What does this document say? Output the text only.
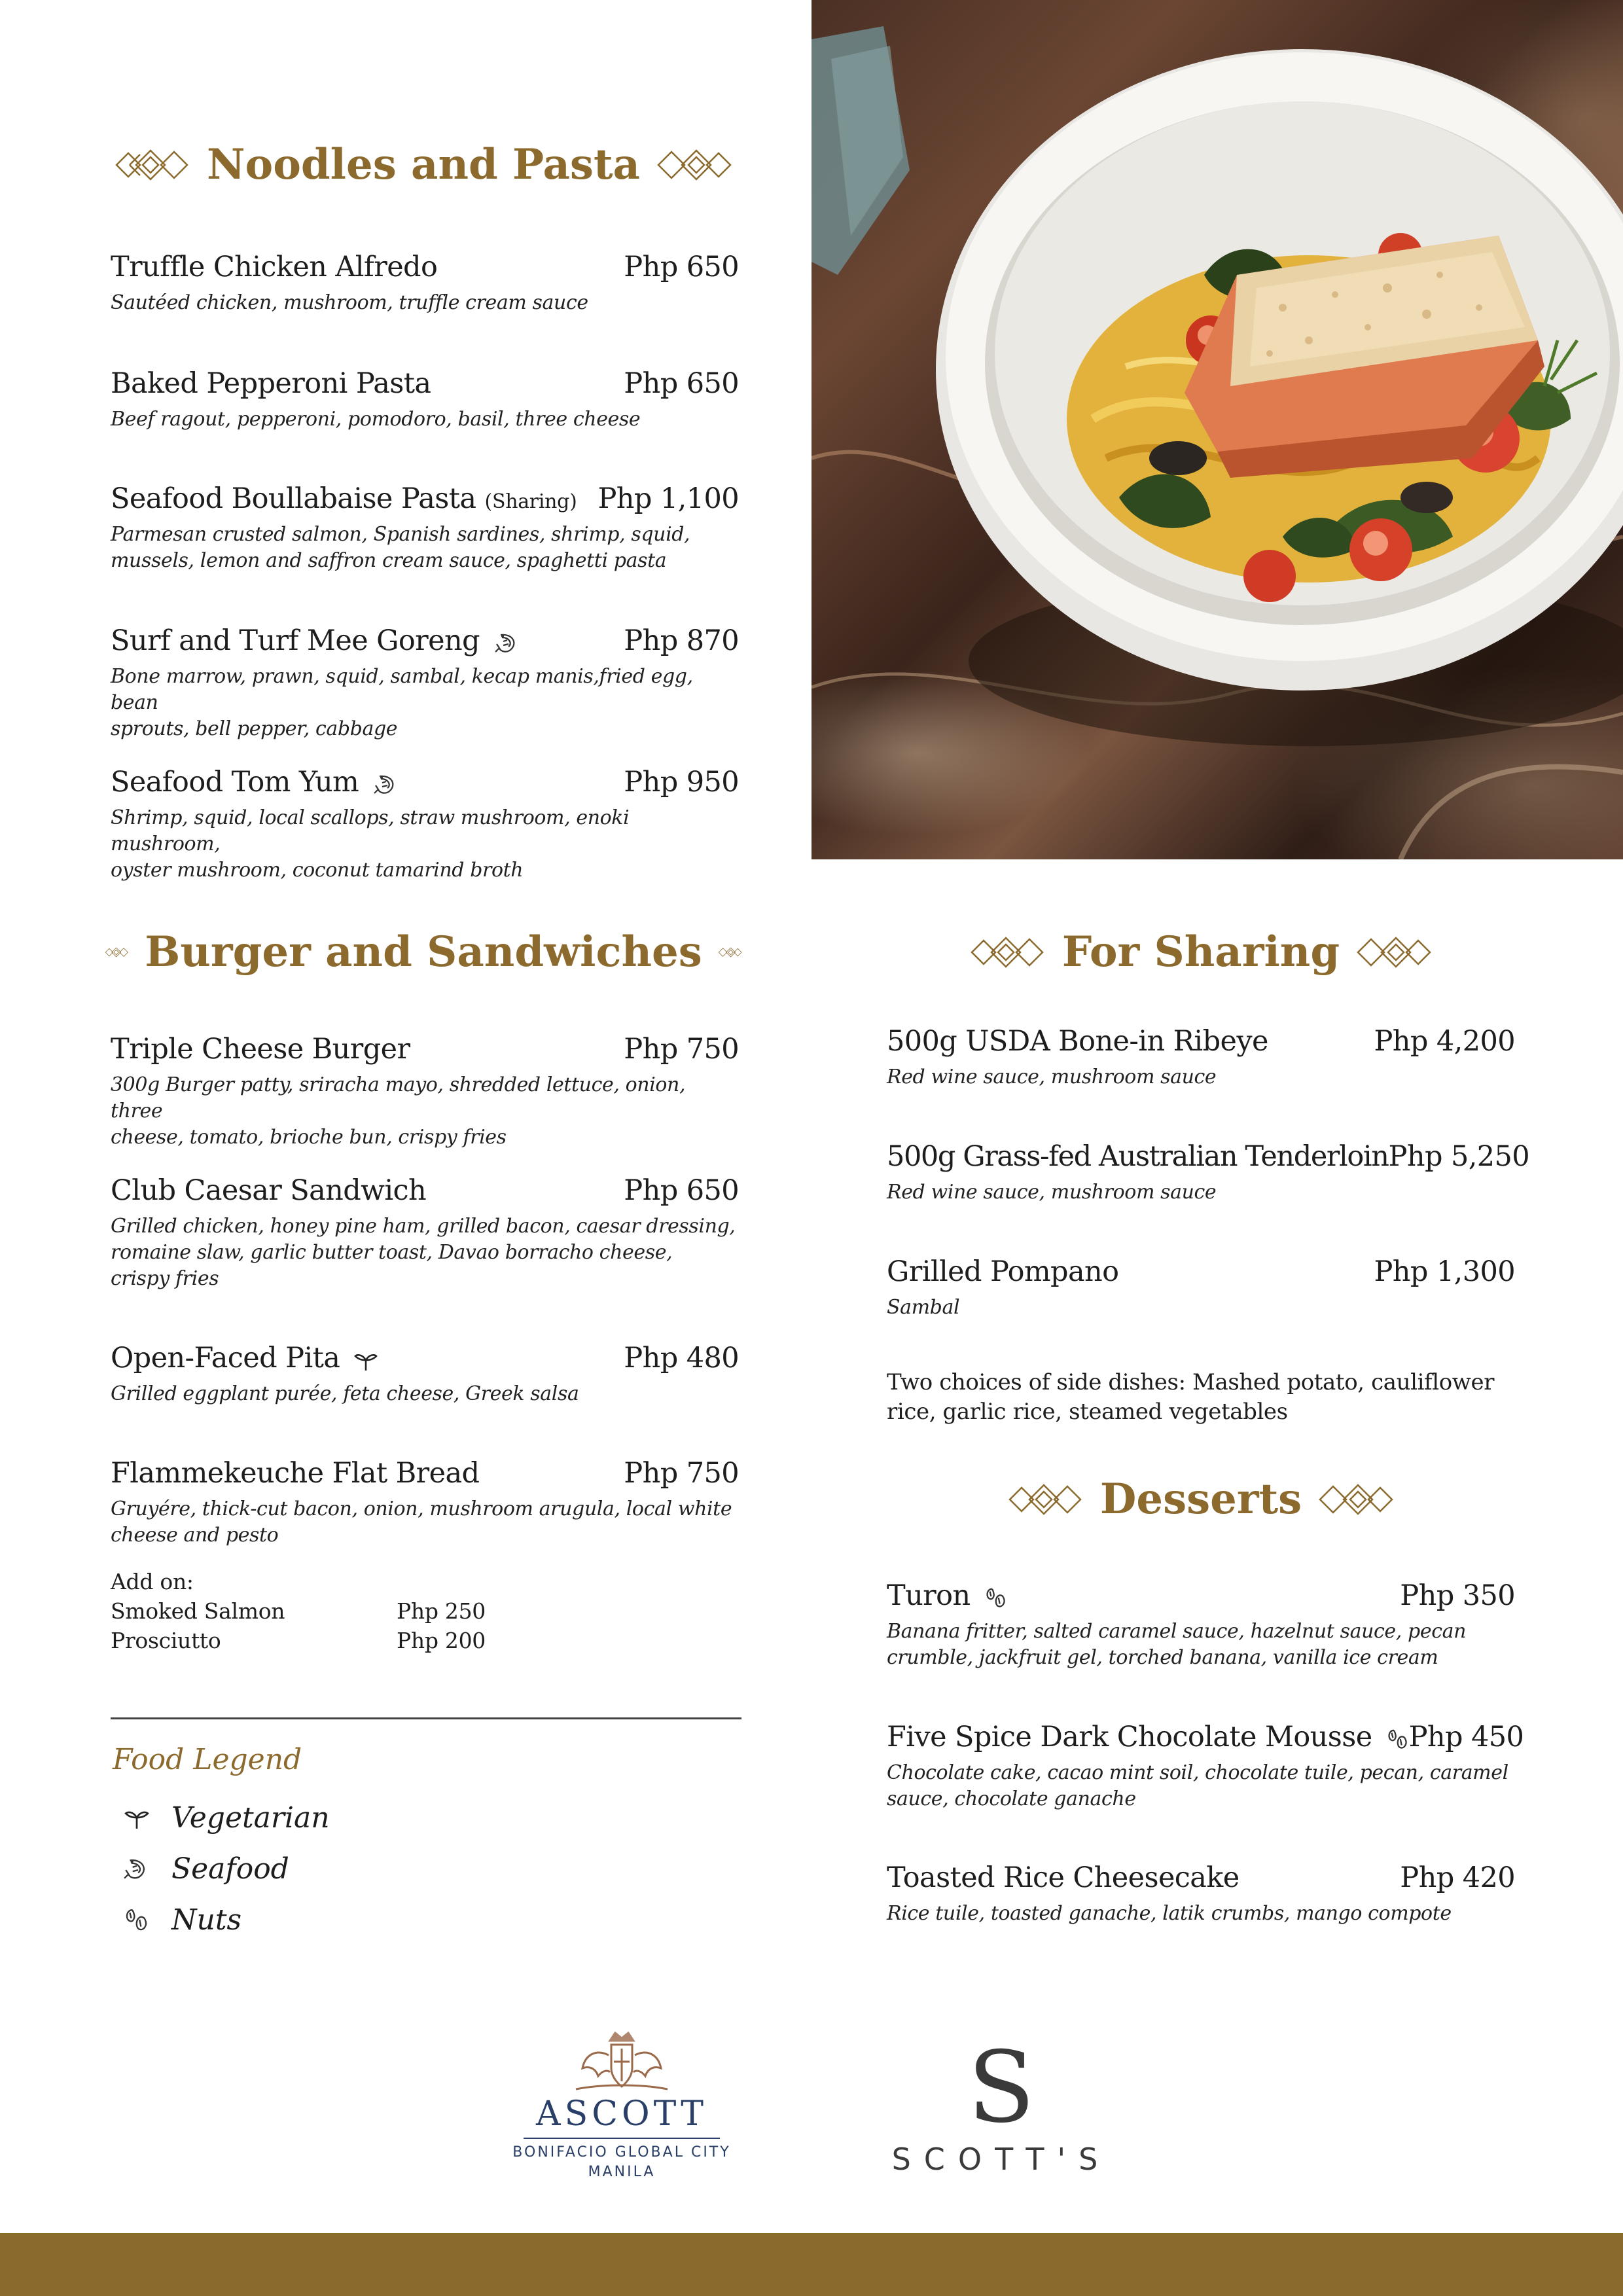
Noodles and Pasta
Truffle Chicken Alfredo	Php 650
Sautéed chicken, mushroom, truffle cream sauce
Baked Pepperoni Pasta	Php 650
Beef ragout, pepperoni, pomodoro, basil, three cheese
Seafood Boullabaise Pasta (Sharing) Php 1,100
Parmesan crusted salmon, Spanish sardines, shrimp, squid,
mussels, lemon and saffron cream sauce, spaghetti pasta
Surf and Turf Mee Goreng	Php 870
Bone marrow, prawn, squid, sambal, kecap manis,fried egg, bean
sprouts, bell pepper, cabbage
Seafood Tom Yum	Php 950
Shrimp, squid, local scallops, straw mushroom, enoki mushroom,
oyster mushroom, coconut tamarind broth
Burger and Sandwiches
Triple Cheese Burger	Php 750
300g Burger patty, sriracha mayo, shredded lettuce, onion, three
cheese, tomato, brioche bun, crispy fries
Club Caesar Sandwich	Php 650
Grilled chicken, honey pine ham, grilled bacon, caesar dressing,
romaine slaw, garlic butter toast, Davao borracho cheese,
crispy fries
Open-Faced Pita	Php 480
Grilled eggplant purée, feta cheese, Greek salsa
Flammekeuche Flat Bread	Php 750
Gruyére, thick-cut bacon, onion, mushroom arugula, local white
cheese and pesto
Add on:
Smoked Salmon	Php 250
Prosciutto	Php 200
Food Legend
Vegetarian
Seafood
Nuts
For Sharing
500g USDA Bone-in Ribeye	Php 4,200
Red wine sauce, mushroom sauce
500g Grass-fed Australian Tenderloin Php 5,250
Red wine sauce, mushroom sauce
Grilled Pompano	Php 1,300
Sambal
Two choices of side dishes: Mashed potato, cauliflower
rice, garlic rice, steamed vegetables
Desserts
Turon	Php 350
Banana fritter, salted caramel sauce, hazelnut sauce, pecan
crumble, jackfruit gel, torched banana, vanilla ice cream
Five Spice Dark Chocolate Mousse	Php 450
Chocolate cake, cacao mint soil, chocolate tuile, pecan, caramel
sauce, chocolate ganache
Toasted Rice Cheesecake	Php 420
Rice tuile, toasted ganache, latik crumbs, mango compote
ASCOTT
BONIFACIO GLOBAL CITY
MANILA
S
SCOTT'S
